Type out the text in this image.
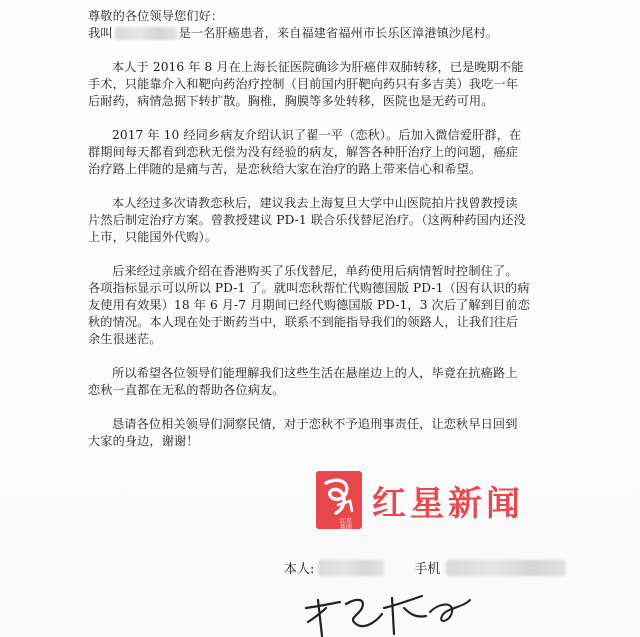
尊敬的各位领导您们好：

我叫	是一名肝癌患者，来自福建省福州市长乐区漳港镇沙尾村。

本人于 2016 年 8 月在上海长征医院确诊为肝癌伴双肺转移，已是晚期不能
手术，只能靠介入和靶向药治疗控制（目前国内肝靶向药只有多吉美）我吃一年
后耐药，病情急据下转扩散。胸椎，胸膜等多处转移，医院也是无药可用。

2017 年 10 经同乡病友介绍认识了翟一平（恋秋）。后加入微信爱肝群，在
群期间每天都看到恋秋无偿为没有经验的病友，解答各种肝治疗上的问题，癌症
治疗路上伴随的是痛与苦，是恋秋给大家在治疗的路上带来信心和希望。

本人经过多次请教恋秋后，建议我去上海复旦大学中山医院拍片找曾教授读
片然后制定治疗方案。曾教授建议 PD-1 联合乐伐替尼治疗。（这两种药国内还没
上市，只能国外代购）。

后来经过亲戚介绍在香港购买了乐伐替尼，单药使用后病情暂时控制住了。
各项指标显示可以所以 PD-1 了。就叫恋秋帮忙代购德国版 PD-1（因有认识的病
友使用有效果）18 年 6 月-7 月期间已经代购德国版 PD-1，3 次后了解到目前恋
秋的情况。本人现在处于断药当中，联系不到能指导我们的领路人，让我们往后
余生很迷茫。

所以希望各位领导们能理解我们这些生活在悬崖边上的人，毕竟在抗癌路上
恋秋一直都在无私的帮助各位病友。

恳请各位相关领导们洞察民情，对于恋秋不予追刑事责任，让恋秋早日回到
大家的身边，谢谢！

红星
新闻
红星新闻
本人:	手机
